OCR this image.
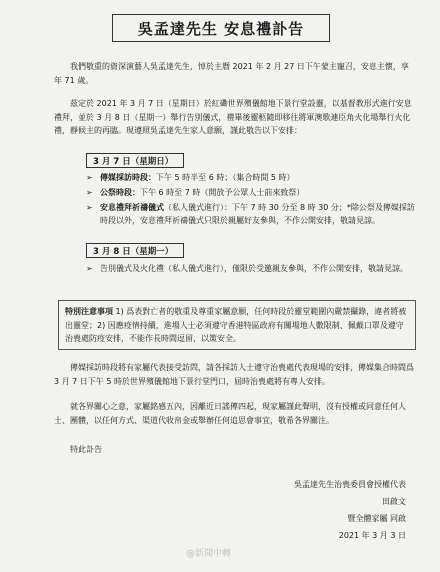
吳孟達先生 安息禮訃告
我們敬重的資深演藝人吳孟達先生，悼於主曆 2021 年 2 月 27 日下午蒙主寵召，安息主懷，享年 71 歲。
茲定於 2021 年 3 月 7 日（星期日）於紅磡世界殯儀館地下景行堂設靈，以基督教形式進行安息禮拜，並於 3 月 8 日（星期一）舉行告別儀式，禮畢後靈柩隨即移往將軍澳歌連臣角火化場舉行火化禮，靜候主的再臨。現遵照吳孟達先生家人意願，謹此敬告以下安排：
3 月 7 日（星期日）
➢ 傳媒採訪時段：下午 5 時半至 6 時；（集合時間 5 時）
➢ 公祭時段：下午 6 時至 7 時（開放予公眾人士前來致祭）
➢ 安息禮拜祈禱儀式（私人儀式進行）：下午 7 時 30 分至 8 時 30 分；*除公祭及傳媒採訪時段以外，安息禮拜祈禱儀式只限於親屬好友參與，不作公開安排，敬請見諒。
3 月 8 日（星期一）
➢ 告別儀式及火化禮（私人儀式進行），僅限於受邀親友參與，不作公開安排，敬請見諒。
特別注意事項 1) 爲表對亡者的敬重及尊重家屬意願，任何時段於靈堂範圍內嚴禁攝錄，違者將被出靈堂；2) 因應疫情持續，進場人士必須遵守香港特區政府有關場地人數限制、佩戴口罩及遵守治喪處防疫安排，不能作長時間逗留，以策安全。
傳媒採訪時段將有家屬代表接受訪問，請各採訪人士遵守治喪處代表現場的安排，傳媒集合時間爲 3 月 7 日下午 5 時於世界殯儀館地下景行堂門口，屆時治喪處將有專人安排。
就各界關心之意，家屬銘感五內，因離近日謠傳四起，現家屬謹此聲明，沒有授權或同意任何人士、團體，以任何方式、渠道代收帛金或舉辦任何追思會事宜，敬希各界關注。
特此訃告
吳孟達先生治喪委員會授權代表
田啟文
暨全體家屬 同啟
2021 年 3 月 3 日
@新聞中轉
